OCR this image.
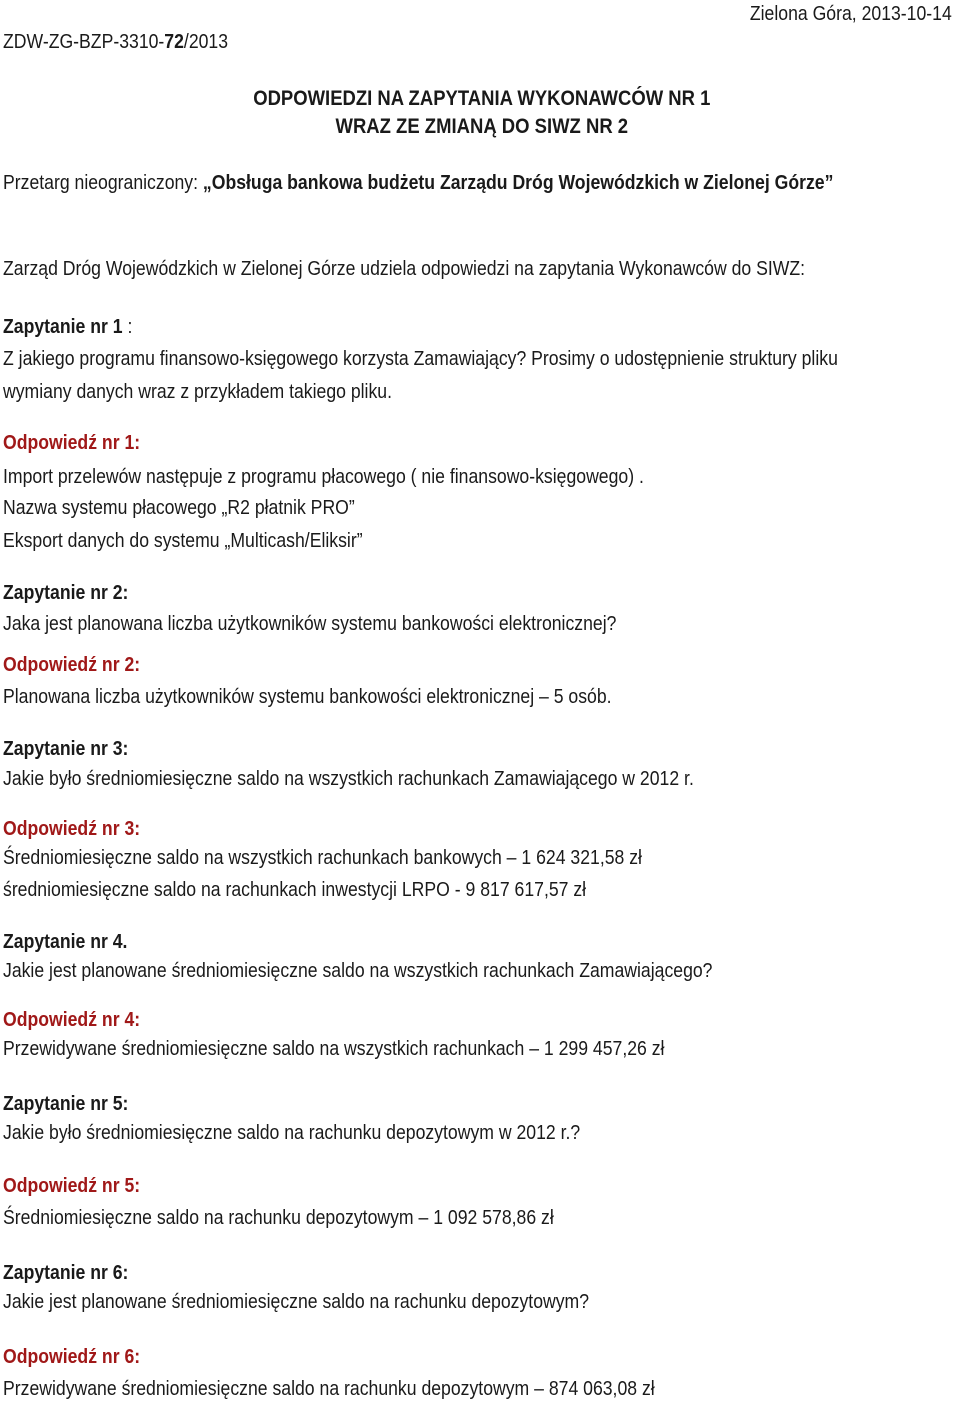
ZDW-ZG-BZP-3310-72/2013
Zielona Góra, 2013-10-14
ODPOWIEDZI NA ZAPYTANIA WYKONAWCÓW NR 1
WRAZ ZE ZMIANĄ DO SIWZ NR 2
Przetarg nieograniczony: „Obsługa bankowa budżetu Zarządu Dróg Wojewódzkich w Zielonej Górze”
Zarząd Dróg Wojewódzkich w Zielonej Górze udziela odpowiedzi na zapytania Wykonawców do SIWZ:
Zapytanie nr 1 :
Z jakiego programu finansowo-księgowego korzysta Zamawiający? Prosimy o udostępnienie struktury pliku
wymiany danych wraz z przykładem takiego pliku.
Odpowiedź nr 1:
Import przelewów następuje z programu płacowego ( nie finansowo-księgowego) .
Nazwa systemu płacowego „R2 płatnik PRO”
Eksport danych do systemu „Multicash/Eliksir”
Zapytanie nr 2:
Jaka jest planowana liczba użytkowników systemu bankowości elektronicznej?
Odpowiedź nr 2:
Planowana liczba użytkowników systemu bankowości elektronicznej – 5 osób.
Zapytanie nr 3:
Jakie było średniomiesięczne saldo na wszystkich rachunkach Zamawiającego w 2012 r.
Odpowiedź nr 3:
Średniomiesięczne saldo na wszystkich rachunkach bankowych – 1 624 321,58 zł
średniomiesięczne saldo na rachunkach inwestycji LRPO - 9 817 617,57 zł
Zapytanie nr 4.
Jakie jest planowane średniomiesięczne saldo na wszystkich rachunkach Zamawiającego?
Odpowiedź nr 4:
Przewidywane średniomiesięczne saldo na wszystkich rachunkach – 1 299 457,26 zł
Zapytanie nr 5:
Jakie było średniomiesięczne saldo na rachunku depozytowym w 2012 r.?
Odpowiedź nr 5:
Średniomiesięczne saldo na rachunku depozytowym – 1 092 578,86 zł
Zapytanie nr 6:
Jakie jest planowane średniomiesięczne saldo na rachunku depozytowym?
Odpowiedź nr 6:
Przewidywane średniomiesięczne saldo na rachunku depozytowym – 874 063,08 zł
